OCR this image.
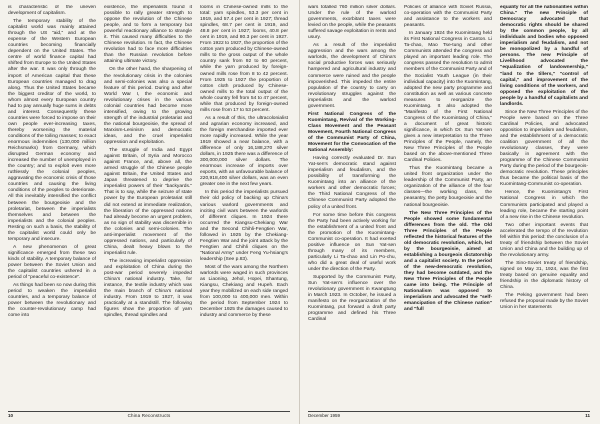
is characteristic of the uneven development of capitalism.

The temporary stability of the capitalist world was mainly attained through the US "aid," and at the expense of the Western European countries becoming financially dependent on the United States. The centre of world finance capital had shifted from Europe to the United States after the war. It was only through the import of American capital that these European countries managed to drag along. Thus the United States became the biggest creditor of the world, to whom almost every European country had to pay annually huge sums in debts and interest. Consequently these countries were forced to impose on their own people ever-increasing taxes, thereby worsening the material conditions of the toiling masses; to exact enormous indemnities (130,000 million Reichsmarks) from Germany, which disrupted German economy and increased the number of unemployed in the country; and to exploit even more ruthlessly the colonial peoples, aggravating the economic crisis of those countries and causing the living conditions of the peoples to deteriorate. All this inevitably intensified the conflict between the bourgeoisie and the proletariat, between the imperialists themselves and between the imperialists and the colonial peoples. Resting on such a basis, the stability of the capitalist world could only be temporary and insecure.

A new phenomenon of great significance emerged from these two kinds of stability. A temporary balance of power between the Soviet Union and the capitalist countries ushered in a period of "peaceful co-existence".

As things had been so now during this period to weaken the imperialist countries, and a temporary balance of power between the revolutionary and the counter-revolutionary camp had come into

existence, the imperialists found it possible to rally greater strength to oppose the revolution of the Chinese people, and to form a temporary but powerful reactionary alliance to strangle it. This caused many difficulties to the Chinese revolution. In fact, the Chinese revolution had to face more difficulties than the Russian revolution before attaining ultimate victory.

On the other hand, the sharpening of the revolutionary crisis in the colonies and semi-colonies was also a special feature of this period. During and after World War I, the economic and revolutionary crises in the various colonial countries had become more intensified, owing to the growing strength of the industrial proletariat and the national bourgeoisie, the spread of Marxism-Leninism and democratic ideas, and the cruel imperialist oppression and exploitation.

The struggle of India and Egypt against Britain, of Syria and Morocco against France, and, above all, the armed struggle of the Chinese people against Britain, the United States and Japan threatened to deprive the imperialist powers of their "backyards." That is to say, while the seizure of state power by the European proletariat still did not extend at immediate realization, the liberation of the oppressed nations had already become an urgent problem, as no sign of stability was discernible in the colonies and semi-colonies. The anti-imperialist movement of the oppressed nations, and particularly of China, dealt heavy blows to the imperialist rule.

The increasing imperialist oppression and exploitation of China during the post-war period severely impeded China's national industry. Take, for instance, the textile industry which was the main branch of China's national industry. From 1919 to 1927, it was practically at a standstill. The following figures show the proportion of yarn spindles, thread spindles and

looms in Chinese-owned mills to the total: yarn spindles, 53.3 per cent in 1919, and 57.4 per cent in 1927; thread spindles, 68.7 per cent in 1919, and 48.8 per cent in 1927; looms, 40.8 per cent in 1919, and 80.3 per cent in 1927. From 1922 to 1927, the proportion of the cotton yarn produced by Chinese-owned mills to the gross output of the whole country sank from 92 to 60 percent, while the yarn produced by foreign-owned mills rose from 8 to 42 percent. From 1925 to 1927 the proportion of cotton cloth produced by Chinese-owned mills to the total output of the whole country fell from 54 to 47 percent, while that produced by foreign-owned mills rose from 17 to 53 percent.

As a result of this, the ultracolonialist and agrarian economy increased, and the foreign merchandise imported ever more rapidly increased. While the year 1919 showed a near balance, with a difference of only 16,188,270 silver dollars, in 1925 there was a difference of 300,000,000 silver dollars. The enormous increase of imports over exports, with an unfavourable balance of 220,918,400 silver dollars, was an even greater one in the next few years.

In this period the imperialists pursued their old policy of backing up China's various warlord governments and inciting civil wars between the warlords of different cliques. In 1924 there occurred the Kiangsu-Chekiang War and the Second Chihli-Fengtien War, followed in 1925 by the Chekiang-Fengtien War and the joint attack by the Fengtien and Chihli cliques on the "National Army" under Feng Yu-hsiang's leadership (See p.83).

Most of the wars among the Northern warlords were waged in such provinces as Liaoning, Jehol, Hopei, Shantung, Kiangsu, Chekiang and Hupeh. Each year they mobilized on each side ranged from 100,000 to 400,000 men. Within the period from September 1924 to December 1925 the damages caused to industry and commerce by these

10	China Reconstructs

wars totalled 760 million silver dollars. Under the rule of the warlord governments, exorbitant taxes were levied on the people, while the peasants suffered savage exploitation in rents and usury.

As a result of the imperialist aggression and the wars among the warlords, the development of China's social productive forces was seriously hampered and agricultural industry and commerce were ruined and the people impoverished. This impeded the entire population of the country to carry on revolutionary struggles against the imperialists and the warlord government.

First National Congress of the Kuomintang, Revival of the Working-Class Movement and the Peasant Movement, Fourth National Congress of the Communist Party of China, Movement for the Convocation of the National Assembly:

Having correctly evaluated Dr. Sun Yat-sen's democratic stand against imperialism and feudalism, and the possibility of transforming the Kuomintang into an alliance of the workers and other democratic forces; the Third National Congress of the Chinese Communist Party adopted the policy of a united front.

For some time before this congress the Party had been actively working for the establishment of a united front and the promotion of the Kuomintang-Communist co-operation. It had exerted positive influence on Sun Yat-sen through many of its members, particularly Li Ta-chao and Lin Po-chu, who did a great deal of useful work under the direction of the Party.

Supported by the Communist Party, Sun Yat-sen's influence over the revolutionary government in Kwangtung in March 1923. In October, he issued a manifesto on the reorganization of the Kuomintang, put forward a draft party programme and defined his Three Cardinal

Policies of alliance with Soviet Russia, co-operation with the Communist Party and assistance to the workers and peasants.

In January 1924 the Kuomintang held its First National Congress in Canton. Li Ta-chao, Mao Tse-tung and other Communists attended the congress and played an important leading role. The congress passed the resolution to admit members of the Communist Party and of the Socialist Youth League (in their individual capacity) into the Kuomintang, adopted the new party programme and constitution as well as various concrete measures to reorganize the Kuomintang. It also adopted the "Manifesto of the First National Congress of the Kuomintang of China," a document of great historic significance, in which Dr. Sun Yat-sen gives a new interpretation to the Three Principles of the People, namely, the New Three Principles of the People based on the above-mentioned Three Cardinal Policies.

Thus the Kuomintang became a united front organization under the leadership of the Communist Party, an organization of the alliance of the four classes—the working class, the peasantry, the petty bourgeoisie and the national bourgeoisie.

The New Three Principles of the People showed some fundamental differences from the old. The Old Three Principles of the People reflected the historical features of the old democratic revolution, which, led by the bourgeoisie, aimed at establishing a bourgeois dictatorship and a capitalist society. In the period of the new-democratic revolution, they had become outdated, and the New Three Principles of the People came into being. The Principle of Nationalism was opposed to imperialism and advocated the "self-emancipation of the Chinese nation" and "full

equality for all the nationalities within China." The new Principle of Democracy advocated that democratic rights should be shared by the common people, by all individuals and bodies who opposed imperialism and feudalism, and not be monopolized by a handful of persons. The new Principle of Livelihood advocated the "equalization of landownership," "land to the tillers," "control of capital," and improvement of the living conditions of the workers, and opposed the exploitation of the people by a handful of capitalists and landlords.

Since the New Three Principles of the People were based on the Three Cardinal Policies, and advocated opposition to imperialism and feudalism, and the establishment of a democratic coalition government of all the revolutionary classes, they were basically in agreement with the programme of the Chinese Communist Party during the period of the bourgeois-democratic revolution. These principles thus became the political basis of the Kuomintang-Communist co-operation.

Hence, the Kuomintang's First National Congress in which the Communists participated and played a leading role, became the starting point of a new rise in the Chinese revolution.

Two other important events that accelerated the tempo of the revolution fell within this period: the conclusion of a treaty of friendship between the Soviet Union and China and the building up of the revolutionary army.

The Sino-Soviet treaty of friendship, signed on May 31, 1924, was the first treaty based on genuine equality and friendship in the diplomatic history of China.

The Peking government had been refused the proposal made by the Soviet Union in her statements

December 1959	11
